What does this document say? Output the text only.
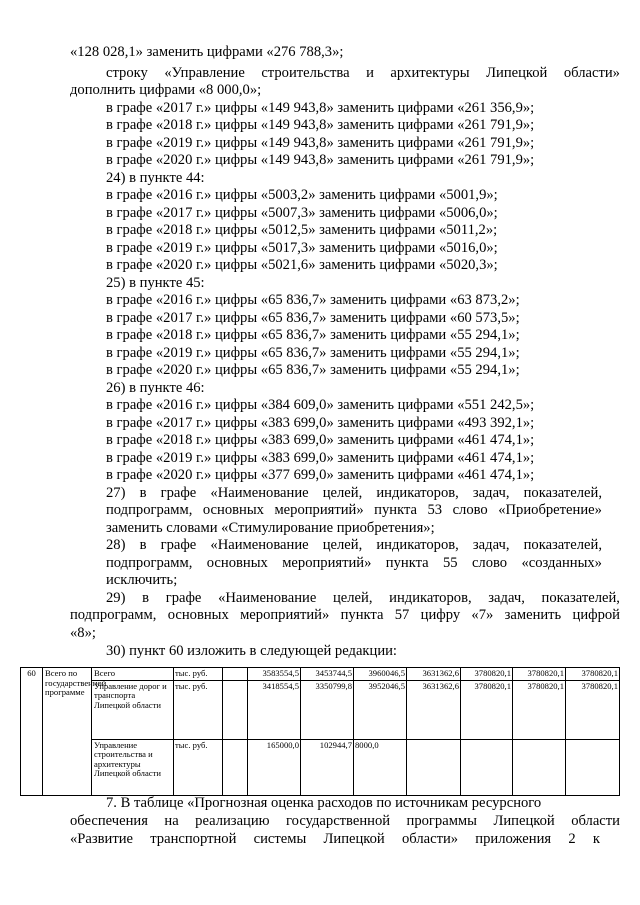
«128 028,1» заменить цифрами «276 788,3»;
строку «Управление строительства и архитектуры Липецкой области»
дополнить цифрами «8 000,0»;
в графе «2017 г.» цифры «149 943,8» заменить цифрами «261 356,9»;
в графе «2018 г.» цифры «149 943,8» заменить цифрами «261 791,9»;
в графе «2019 г.» цифры «149 943,8» заменить цифрами «261 791,9»;
в графе «2020 г.» цифры «149 943,8» заменить цифрами «261 791,9»;
24) в пункте 44:
в графе «2016 г.» цифры «5003,2» заменить цифрами «5001,9»;
в графе «2017 г.» цифры «5007,3» заменить цифрами «5006,0»;
в графе «2018 г.» цифры «5012,5» заменить цифрами «5011,2»;
в графе «2019 г.» цифры «5017,3» заменить цифрами «5016,0»;
в графе «2020 г.» цифры «5021,6» заменить цифрами «5020,3»;
25) в пункте 45:
в графе «2016 г.» цифры «65 836,7» заменить цифрами «63 873,2»;
в графе «2017 г.» цифры «65 836,7» заменить цифрами «60 573,5»;
в графе «2018 г.» цифры «65 836,7» заменить цифрами «55 294,1»;
в графе «2019 г.» цифры «65 836,7» заменить цифрами «55 294,1»;
в графе «2020 г.» цифры «65 836,7» заменить цифрами «55 294,1»;
26) в пункте 46:
в графе «2016 г.» цифры «384 609,0» заменить цифрами «551 242,5»;
в графе «2017 г.» цифры «383 699,0» заменить цифрами «493 392,1»;
в графе «2018 г.» цифры «383 699,0» заменить цифрами «461 474,1»;
в графе «2019 г.» цифры «383 699,0» заменить цифрами «461 474,1»;
в графе «2020 г.» цифры «377 699,0» заменить цифрами «461 474,1»;
27) в графе «Наименование целей, индикаторов, задач, показателей,
подпрограмм, основных мероприятий» пункта 53 слово «Приобретение»
заменить словами «Стимулирование приобретения»;
28) в графе «Наименование целей, индикаторов, задач, показателей,
подпрограмм, основных мероприятий» пункта 55 слово «созданных»
исключить;
29) в графе «Наименование целей, индикаторов, задач, показателей,
подпрограмм, основных мероприятий» пункта 57 цифру «7» заменить цифрой
«8»;
30) пункт 60 изложить в следующей редакции:
60	Всего по государственной программе	Всего	тыс. руб.		3583554,5	3453744,5	3960046,5	3631362,6	3780820,1	3780820,1	3780820,1
		Управление дорог и транспорта Липецкой области	тыс. руб.		3418554,5	3350799,8	3952046,5	3631362,6	3780820,1	3780820,1	3780820,1
		Управление строительства и архитектуры Липецкой области	тыс. руб.		165000,0	102944,7	8000,0				
7. В таблице «Прогнозная оценка расходов по источникам ресурсного
обеспечения на реализацию государственной программы Липецкой области
«Развитие транспортной системы Липецкой области» приложения 2 к
